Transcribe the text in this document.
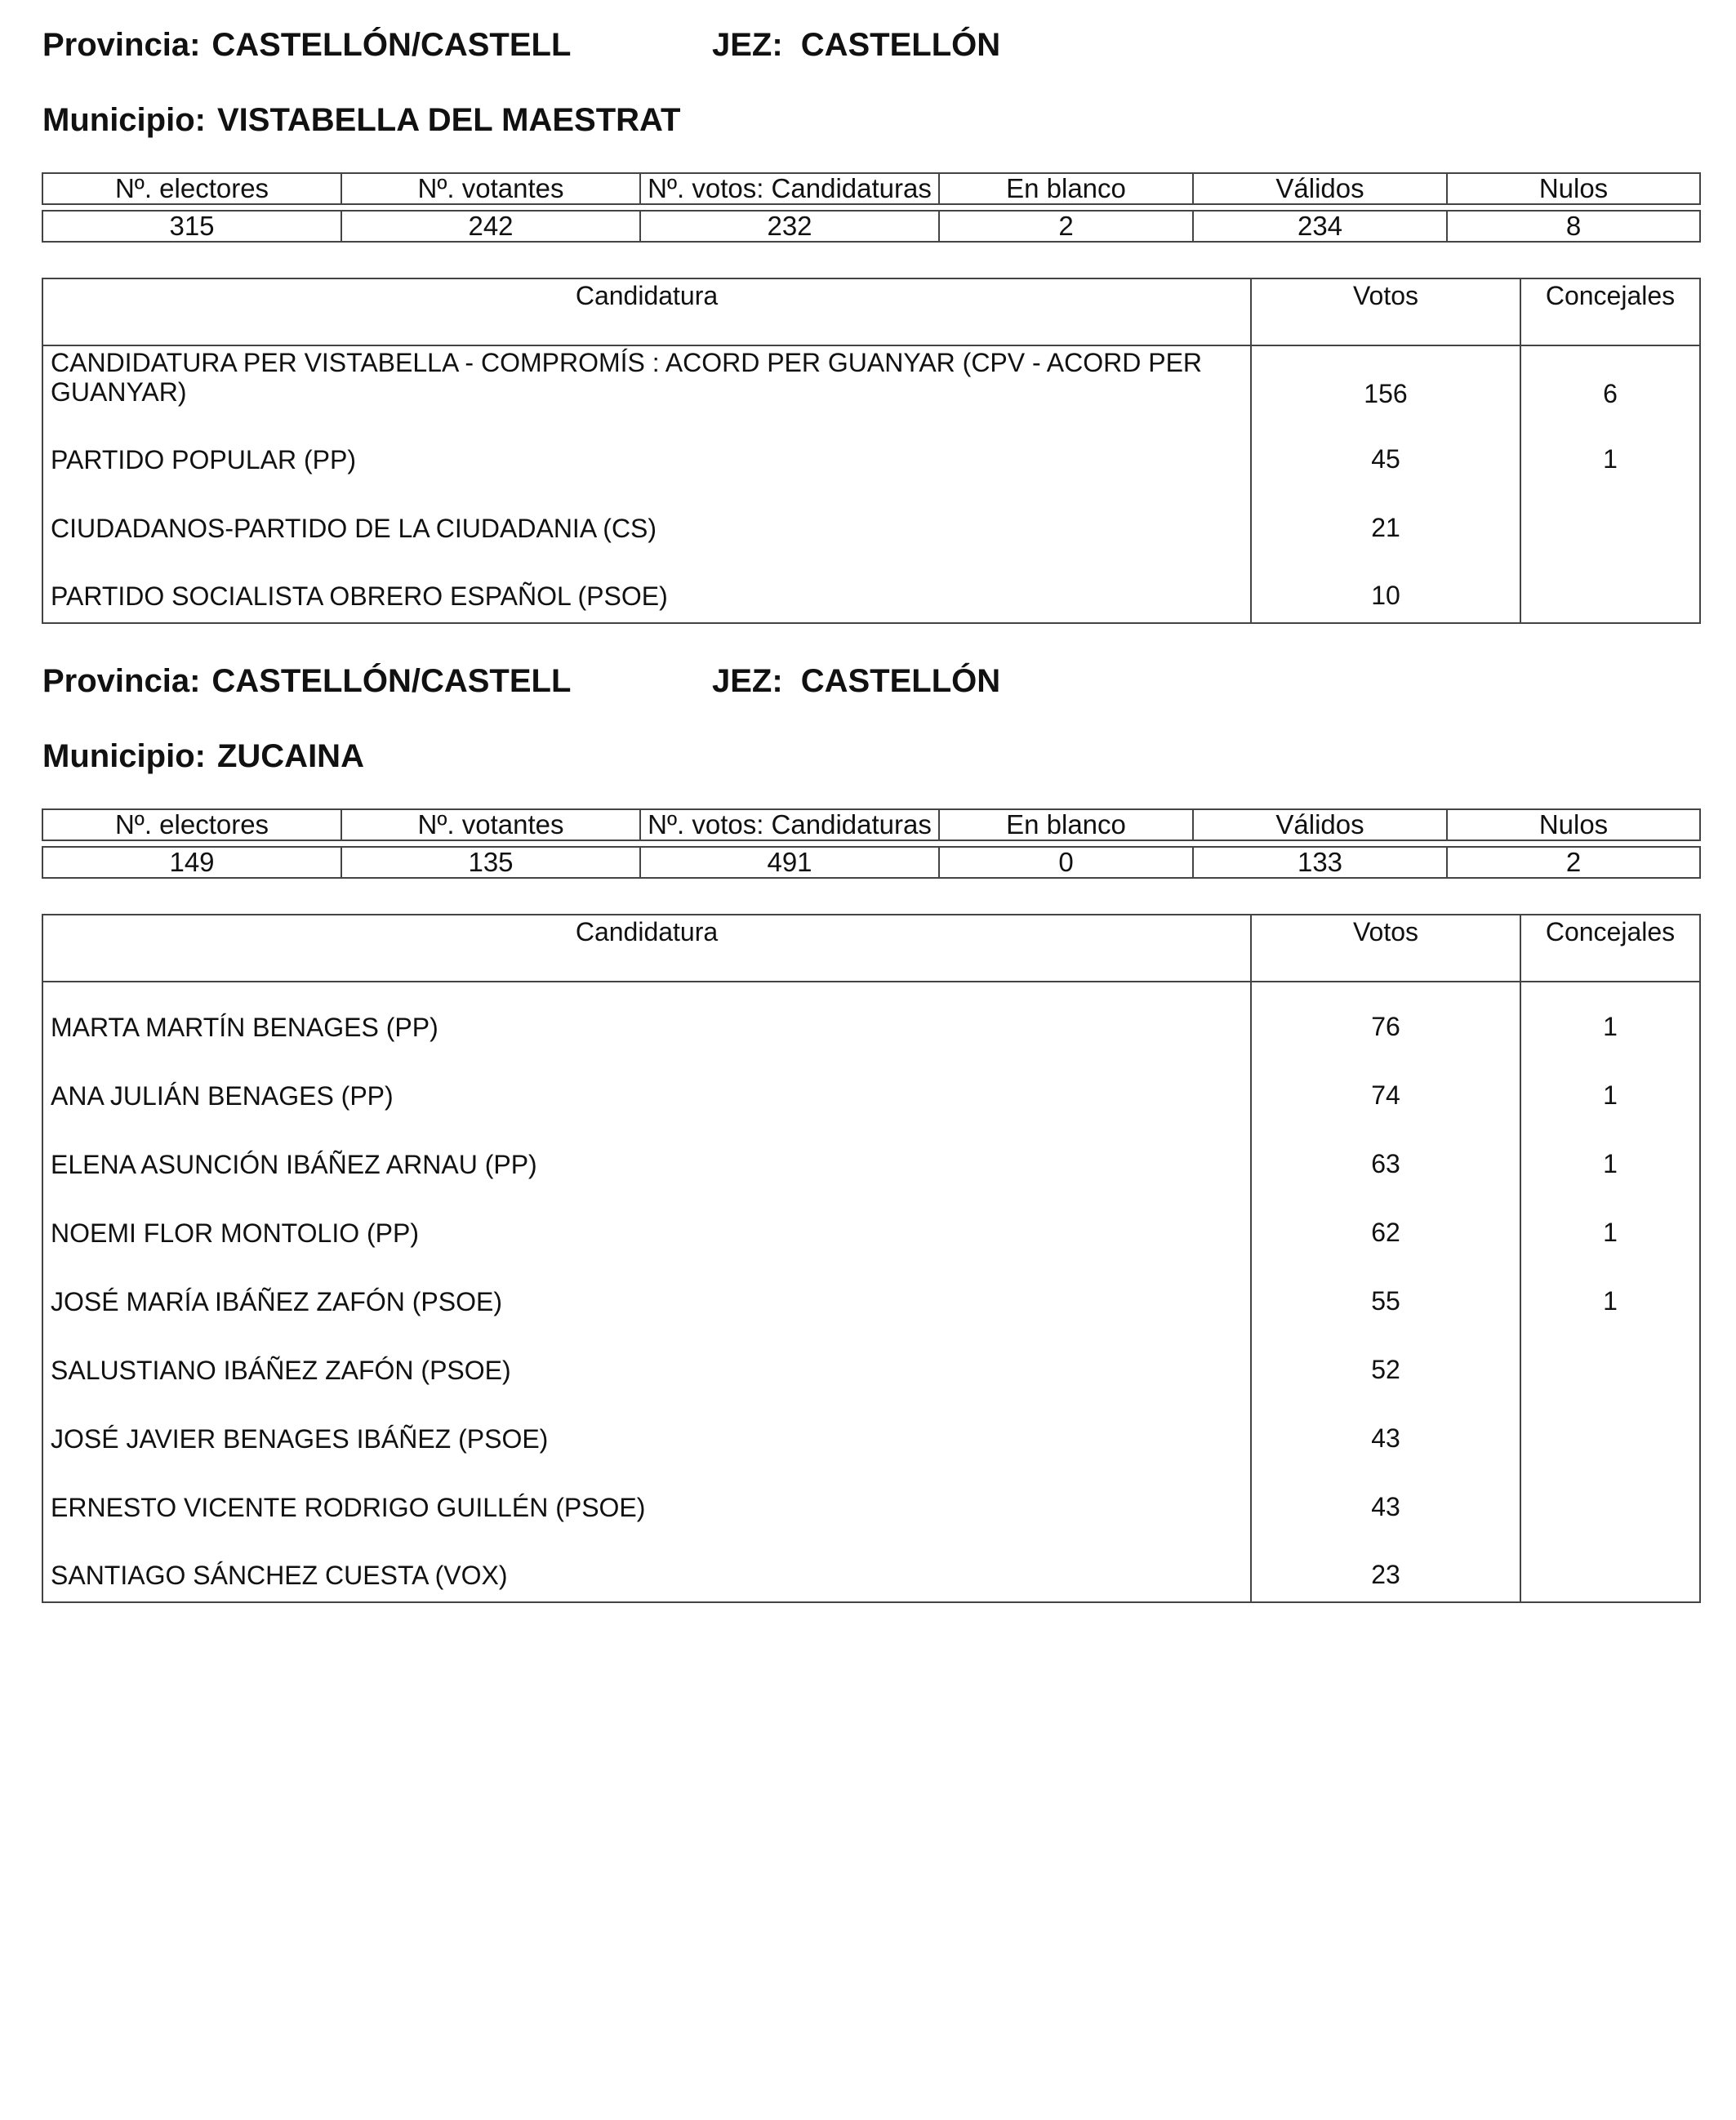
Provincia: CASTELLÓN/CASTELL	JEZ: CASTELLÓN
Municipio: VISTABELLA DEL MAESTRAT
Nº. electores	Nº. votantes	Nº. votos: Candidaturas	En blanco	Válidos	Nulos

315	242	232	2	234	8
Candidatura	Votos	Concejales
CANDIDATURA PER VISTABELLA - COMPROMÍS : ACORD PER GUANYAR (CPV - ACORD PER GUANYAR)	156	6
PARTIDO POPULAR (PP)	45	1
CIUDADANOS-PARTIDO DE LA CIUDADANIA (CS)	21	
PARTIDO SOCIALISTA OBRERO ESPAÑOL (PSOE)	10	
Provincia: CASTELLÓN/CASTELL	JEZ: CASTELLÓN
Municipio: ZUCAINA
Nº. electores	Nº. votantes	Nº. votos: Candidaturas	En blanco	Válidos	Nulos

149	135	491	0	133	2
Candidatura	Votos	Concejales
MARTA MARTÍN BENAGES (PP)	76	1
ANA JULIÁN BENAGES (PP)	74	1
ELENA ASUNCIÓN IBÁÑEZ ARNAU (PP)	63	1
NOEMI FLOR MONTOLIO (PP)	62	1
JOSÉ MARÍA IBÁÑEZ ZAFÓN (PSOE)	55	1
SALUSTIANO IBÁÑEZ ZAFÓN (PSOE)	52	
JOSÉ JAVIER BENAGES IBÁÑEZ (PSOE)	43	
ERNESTO VICENTE RODRIGO GUILLÉN (PSOE)	43	
SANTIAGO SÁNCHEZ CUESTA (VOX)	23	
